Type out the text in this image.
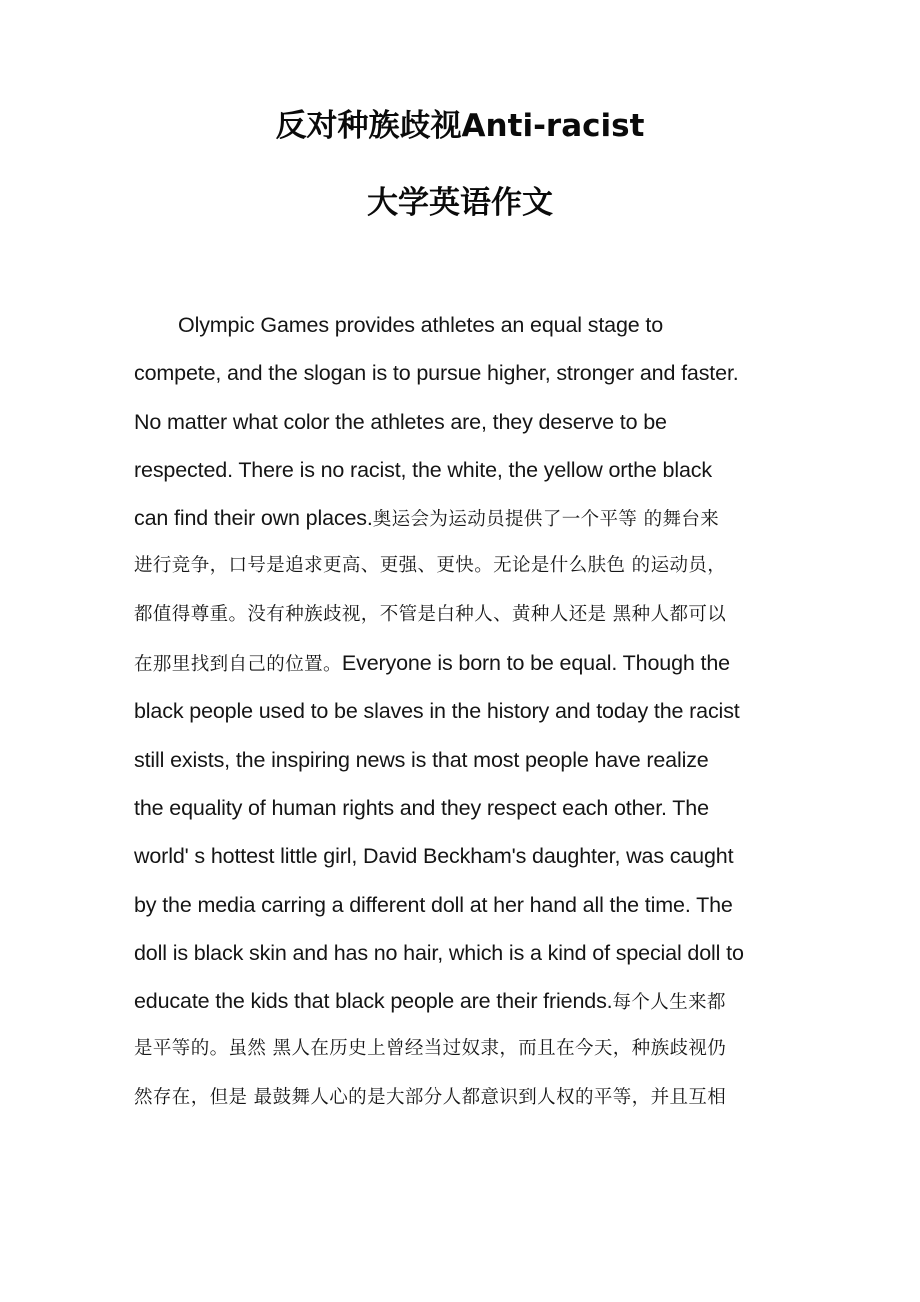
反对种族歧视Anti-racist
大学英语作文
Olympic Games provides athletes an equal stage to
compete, and the slogan is to pursue higher, stronger and faster.
No matter what color the athletes are, they deserve to be
respected. There is no racist, the white, the yellow orthe black
can find their own places.奥运会为运动员提供了一个平等 的舞台来
进行竞争，口号是追求更高、更强、更快。无论是什么肤色 的运动员，
都值得尊重。没有种族歧视，不管是白种人、黄种人还是 黑种人都可以
在那里找到自己的位置。Everyone is born to be equal. Though the
black people used to be slaves in the history and today the racist
still exists, the inspiring news is that most people have realize
the equality of human rights and they respect each other. The
world' s hottest little girl, David Beckham's daughter, was caught
by the media carring a different doll at her hand all the time. The
doll is black skin and has no hair, which is a kind of special doll to
educate the kids that black people are their friends.每个人生来都
是平等的。虽然 黑人在历史上曾经当过奴隶，而且在今天，种族歧视仍
然存在，但是 最鼓舞人心的是大部分人都意识到人权的平等，并且互相
